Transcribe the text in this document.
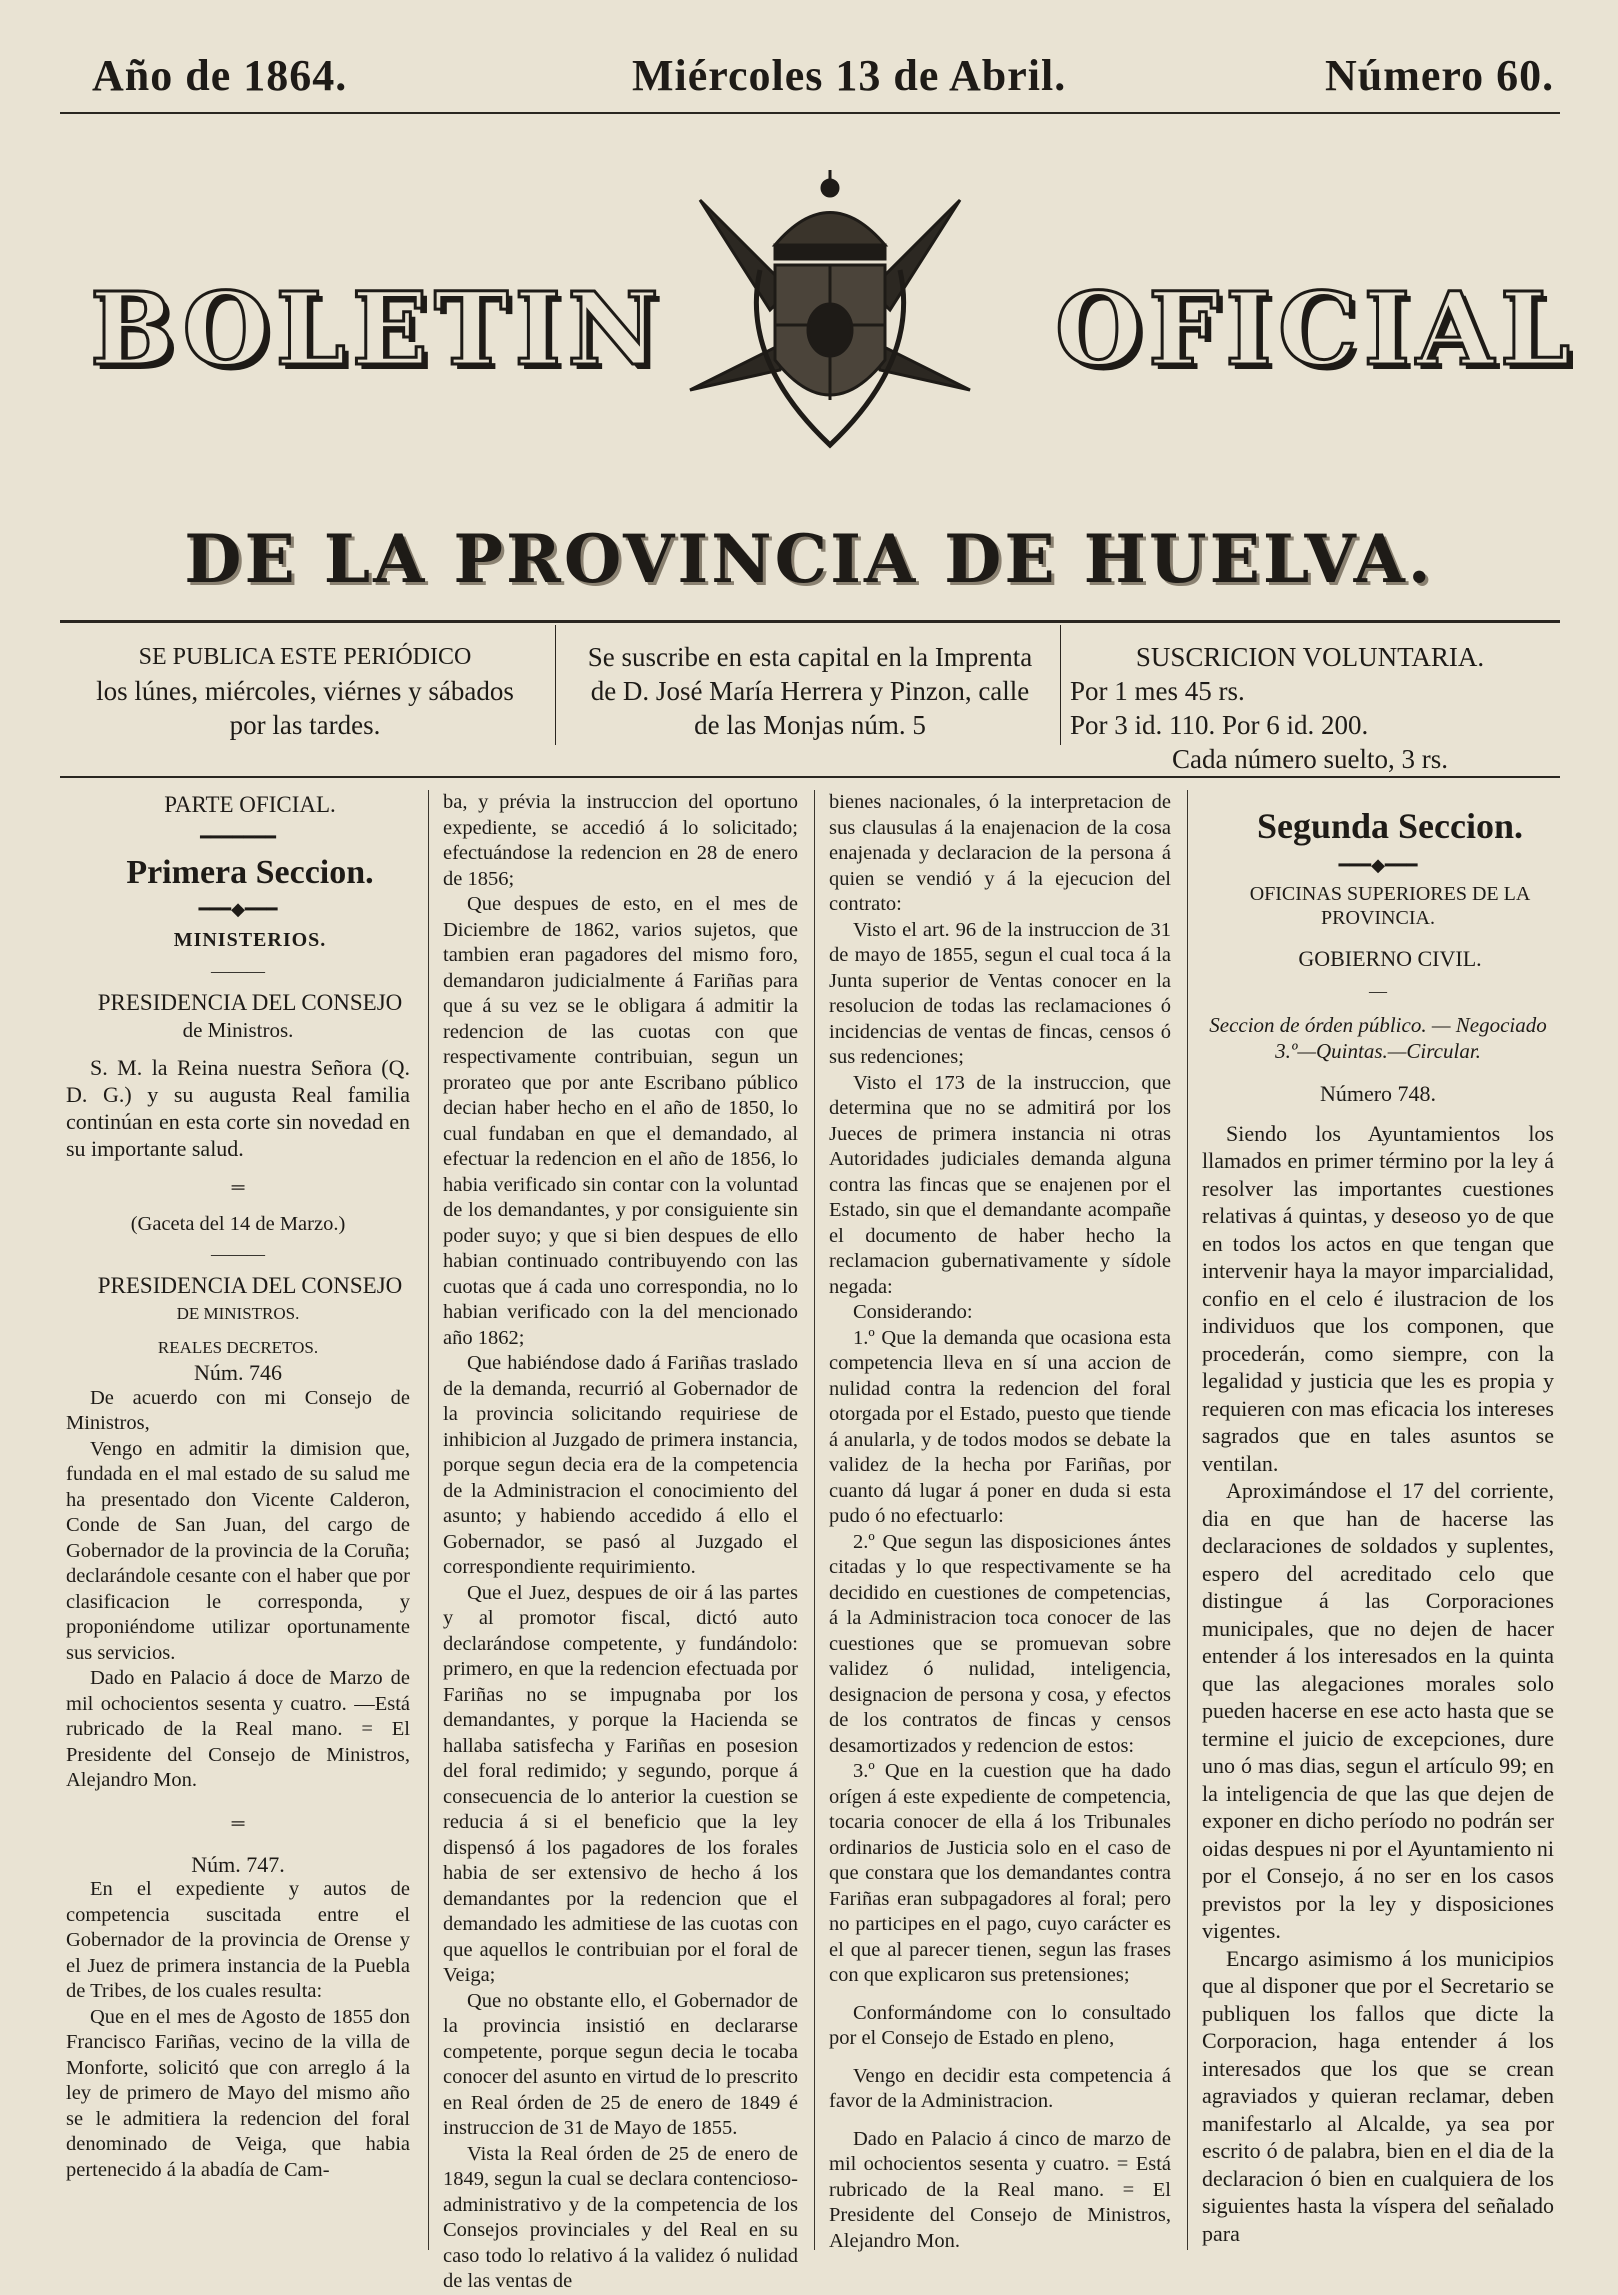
Año de 1864.	Miércoles 13 de Abril.	Número 60.
BOLETIN	OFICIAL
DE LA PROVINCIA DE HUELVA.
SE PUBLICA ESTE PERIÓDICO
los lúnes, miércoles, viérnes y sábados
por las tardes.
Se suscribe en esta capital en la Imprenta
de D. José María Herrera y Pinzon, calle
de las Monjas núm. 5
SUSCRICION VOLUNTARIA.
Por 1 mes 45 rs.
Por 3 id. 110. Por 6 id. 200.
Cada número suelto, 3 rs.

PARTE OFICIAL.

━━━━━━━

Primera Seccion.

━━━◆━━━

MINISTERIOS.

———

PRESIDENCIA DEL CONSEJO

de Ministros.

S. M. la Reina nuestra Señora (Q. D. G.) y su augusta Real familia continúan en esta corte sin novedad en su importante salud.

═

(Gaceta del 14 de Marzo.)

———

PRESIDENCIA DEL CONSEJO

DE MINISTROS.

REALES DECRETOS.

Núm. 746

De acuerdo con mi Consejo de Ministros,

Vengo en admitir la dimision que, fundada en el mal estado de su salud me ha presentado don Vicente Calderon, Conde de San Juan, del cargo de Gobernador de la provincia de la Coruña; declarándole cesante con el haber que por clasificacion le corresponda, y proponiéndome utilizar oportunamente sus servicios.

Dado en Palacio á doce de Marzo de mil ochocientos sesenta y cuatro. —Está rubricado de la Real mano. = El Presidente del Consejo de Ministros, Alejandro Mon.

═

Núm. 747.

En el expediente y autos de competencia suscitada entre el Gobernador de la provincia de Orense y el Juez de primera instancia de la Puebla de Tribes, de los cuales resulta:

Que en el mes de Agosto de 1855 don Francisco Fariñas, vecino de la villa de Monforte, solicitó que con arreglo á la ley de primero de Mayo del mismo año se le admitiera la redencion del foral denominado de Veiga, que habia pertenecido á la abadía de Cam-

ba, y prévia la instruccion del oportuno expediente, se accedió á lo solicitado; efectuándose la redencion en 28 de enero de 1856;

Que despues de esto, en el mes de Diciembre de 1862, varios sujetos, que tambien eran pagadores del mismo foro, demandaron judicialmente á Fariñas para que á su vez se le obligara á admitir la redencion de las cuotas con que respectivamente contribuian, segun un prorateo que por ante Escribano público decian haber hecho en el año de 1850, lo cual fundaban en que el demandado, al efectuar la redencion en el año de 1856, lo habia verificado sin contar con la voluntad de los demandantes, y por consiguiente sin poder suyo; y que si bien despues de ello habian continuado contribuyendo con las cuotas que á cada uno correspondia, no lo habian verificado con la del mencionado año 1862;

Que habiéndose dado á Fariñas traslado de la demanda, recurrió al Gobernador de la provincia solicitando requiriese de inhibicion al Juzgado de primera instancia, porque segun decia era de la competencia de la Administracion el conocimiento del asunto; y habiendo accedido á ello el Gobernador, se pasó al Juzgado el correspondiente requirimiento.

Que el Juez, despues de oir á las partes y al promotor fiscal, dictó auto declarándose competente, y fundándolo: primero, en que la redencion efectuada por Fariñas no se impugnaba por los demandantes, y porque la Hacienda se hallaba satisfecha y Fariñas en posesion del foral redimido; y segundo, porque á consecuencia de lo anterior la cuestion se reducia á si el beneficio que la ley dispensó á los pagadores de los forales habia de ser extensivo de hecho á los demandantes por la redencion que el demandado les admitiese de las cuotas con que aquellos le contribuian por el foral de Veiga;

Que no obstante ello, el Gobernador de la provincia insistió en declararse competente, porque segun decia le tocaba conocer del asunto en virtud de lo prescrito en Real órden de 25 de enero de 1849 é instruccion de 31 de Mayo de 1855.

Vista la Real órden de 25 de enero de 1849, segun la cual se declara contencioso-administrativo y de la competencia de los Consejos provinciales y del Real en su caso todo lo relativo á la validez ó nulidad de las ventas de

bienes nacionales, ó la interpretacion de sus clausulas á la enajenacion de la cosa enajenada y declaracion de la persona á quien se vendió y á la ejecucion del contrato:

Visto el art. 96 de la instruccion de 31 de mayo de 1855, segun el cual toca á la Junta superior de Ventas conocer en la resolucion de todas las reclamaciones ó incidencias de ventas de fincas, censos ó sus redenciones;

Visto el 173 de la instruccion, que determina que no se admitirá por los Jueces de primera instancia ni otras Autoridades judiciales demanda alguna contra las fincas que se enajenen por el Estado, sin que el demandante acompañe el documento de haber hecho la reclamacion gubernativamente y sídole negada:

Considerando:

1.º Que la demanda que ocasiona esta competencia lleva en sí una accion de nulidad contra la redencion del foral otorgada por el Estado, puesto que tiende á anularla, y de todos modos se debate la validez de la hecha por Fariñas, por cuanto dá lugar á poner en duda si esta pudo ó no efectuarlo:

2.º Que segun las disposiciones ántes citadas y lo que respectivamente se ha decidido en cuestiones de competencias, á la Administracion toca conocer de las cuestiones que se promuevan sobre validez ó nulidad, inteligencia, designacion de persona y cosa, y efectos de los contratos de fincas y censos desamortizados y redencion de estos:

3.º Que en la cuestion que ha dado orígen á este expediente de competencia, tocaria conocer de ella á los Tribunales ordinarios de Justicia solo en el caso de que constara que los demandantes contra Fariñas eran subpagadores al foral; pero no participes en el pago, cuyo carácter es el que al parecer tienen, segun las frases con que explicaron sus pretensiones;

Conformándome con lo consultado por el Consejo de Estado en pleno,

Vengo en decidir esta competencia á favor de la Administracion.

Dado en Palacio á cinco de marzo de mil ochocientos sesenta y cuatro. = Está rubricado de la Real mano. = El Presidente del Consejo de Ministros, Alejandro Mon.

Segunda Seccion.

━━━◆━━━

OFICINAS SUPERIORES DE LA PROVINCIA.

GOBIERNO CIVIL.

—

Seccion de órden público. — Negociado 3.º—Quintas.—Circular.

Número 748.

Siendo los Ayuntamientos los llamados en primer término por la ley á resolver las importantes cuestiones relativas á quintas, y deseoso yo de que en todos los actos en que tengan que intervenir haya la mayor imparcialidad, confio en el celo é ilustracion de los individuos que los componen, que procederán, como siempre, con la legalidad y justicia que les es propia y requieren con mas eficacia los intereses sagrados que en tales asuntos se ventilan.

Aproximándose el 17 del corriente, dia en que han de hacerse las declaraciones de soldados y suplentes, espero del acreditado celo que distingue á las Corporaciones municipales, que no dejen de hacer entender á los interesados en la quinta que las alegaciones morales solo pueden hacerse en ese acto hasta que se termine el juicio de excepciones, dure uno ó mas dias, segun el artículo 99; en la inteligencia de que las que dejen de exponer en dicho período no podrán ser oidas despues ni por el Ayuntamiento ni por el Consejo, á no ser en los casos previstos por la ley y disposiciones vigentes.

Encargo asimismo á los municipios que al disponer que por el Secretario se publiquen los fallos que dicte la Corporacion, haga entender á los interesados que los que se crean agraviados y quieran reclamar, deben manifestarlo al Alcalde, ya sea por escrito ó de palabra, bien en el dia de la declaracion ó bien en cualquiera de los siguientes hasta la víspera del señalado para
